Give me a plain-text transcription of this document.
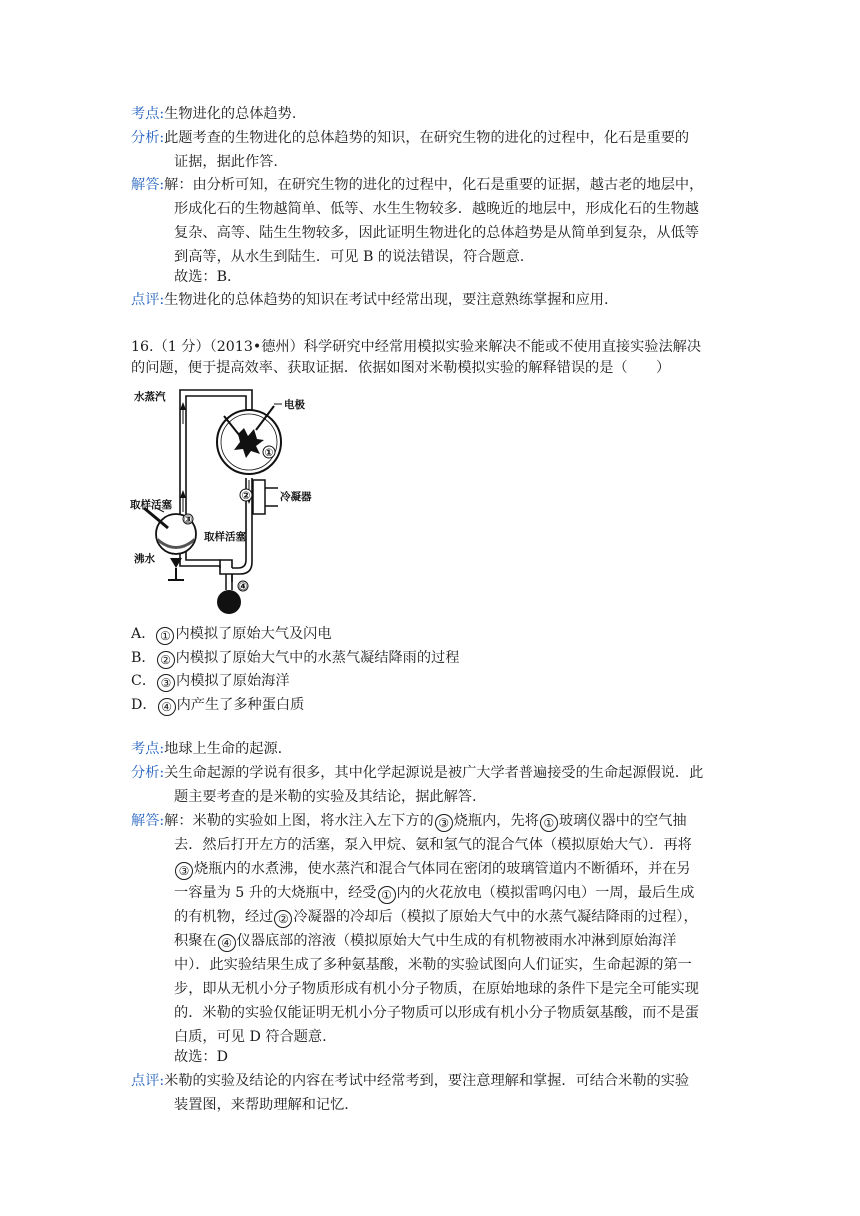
考点:生物进化的总体趋势.
分析:此题考查的生物进化的总体趋势的知识，在研究生物的进化的过程中，化石是重要的
证据，据此作答.
解答:解：由分析可知，在研究生物的进化的过程中，化石是重要的证据，越古老的地层中，
形成化石的生物越简单、低等、水生生物较多．越晚近的地层中，形成化石的生物越
复杂、高等、陆生生物较多，因此证明生物进化的总体趋势是从简单到复杂，从低等
到高等，从水生到陆生．可见 B 的说法错误，符合题意.
故选：B.
点评:生物进化的总体趋势的知识在考试中经常出现，要注意熟练掌握和应用.
16.（1 分）（2013•德州）科学研究中经常用模拟实验来解决不能或不使用直接实验法解决
的问题，便于提高效率、获取证据．依据如图对米勒模拟实验的解释错误的是（　　）
①
②
③
④
水蒸汽
电极
冷凝器
取样活塞
取样活塞
沸水
A． ① 内模拟了原始大气及闪电
B． ② 内模拟了原始大气中的水蒸气凝结降雨的过程
C． ③ 内模拟了原始海洋
D． ④ 内产生了多种蛋白质
考点:地球上生命的起源.
分析:关生命起源的学说有很多，其中化学起源说是被广大学者普遍接受的生命起源假说．此
题主要考查的是米勒的实验及其结论，据此解答.
解答:解：米勒的实验如上图，将水注入左下方的 ③ 烧瓶内，先将 ① 玻璃仪器中的空气抽
去．然后打开左方的活塞，泵入甲烷、氨和氢气的混合气体（模拟原始大气）．再将
③ 烧瓶内的水煮沸，使水蒸汽和混合气体同在密闭的玻璃管道内不断循环，并在另
一容量为 5 升的大烧瓶中，经受 ① 内的火花放电（模拟雷鸣闪电）一周，最后生成
的有机物，经过 ② 冷凝器的冷却后（模拟了原始大气中的水蒸气凝结降雨的过程），
积聚在 ④ 仪器底部的溶液（模拟原始大气中生成的有机物被雨水冲淋到原始海洋
中）．此实验结果生成了多种氨基酸，米勒的实验试图向人们证实，生命起源的第一
步，即从无机小分子物质形成有机小分子物质，在原始地球的条件下是完全可能实现
的．米勒的实验仅能证明无机小分子物质可以形成有机小分子物质氨基酸，而不是蛋
白质，可见 D 符合题意.
故选：D
点评:米勒的实验及结论的内容在考试中经常考到，要注意理解和掌握．可结合米勒的实验
装置图，来帮助理解和记忆.
